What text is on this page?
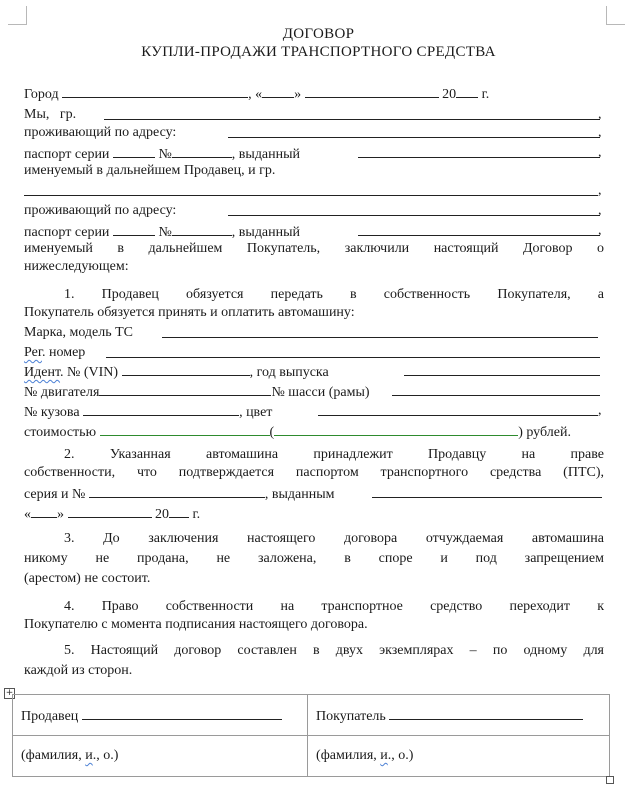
ДОГОВОР
КУПЛИ-ПРОДАЖИ ТРАНСПОРТНОГО СРЕДСТВА
Город	, « »	20 г.
Мы, гр.	,
проживающий по адресу:	,
паспорт серии	№	, выданный	,
именуемый в дальнейшем Продавец, и гр.
,
проживающий по адресу:	,
паспорт серии	№	, выданный	,
именуемый в дальнейшем Покупатель, заключили настоящий Договор о
нижеследующем:
1. Продавец обязуется передать в собственность Покупателя, а
Покупатель обязуется принять и оплатить автомашину:
Марка, модель ТС
Рег. номер
Идент. № (VIN)	, год выпуска
№ двигателя	№ шасси (рамы)
№ кузова	, цвет	,
стоимостью	(	) рублей.
2. Указанная автомашина принадлежит Продавцу на праве
собственности, что подтверждается паспортом транспортного средства (ПТС),
серия и №	, выданным
« »	20 г.
3. До заключения настоящего договора отчуждаемая автомашина
никому не продана, не заложена, в споре и под запрещением
(арестом) не состоит.
4. Право собственности на транспортное средство переходит к
Покупателю с момента подписания настоящего договора.
5. Настоящий договор составлен в двух экземплярах – по одному для
каждой из сторон.
+
Продавец	Покупатель
(фамилия, и., о.)	(фамилия, и., о.)
